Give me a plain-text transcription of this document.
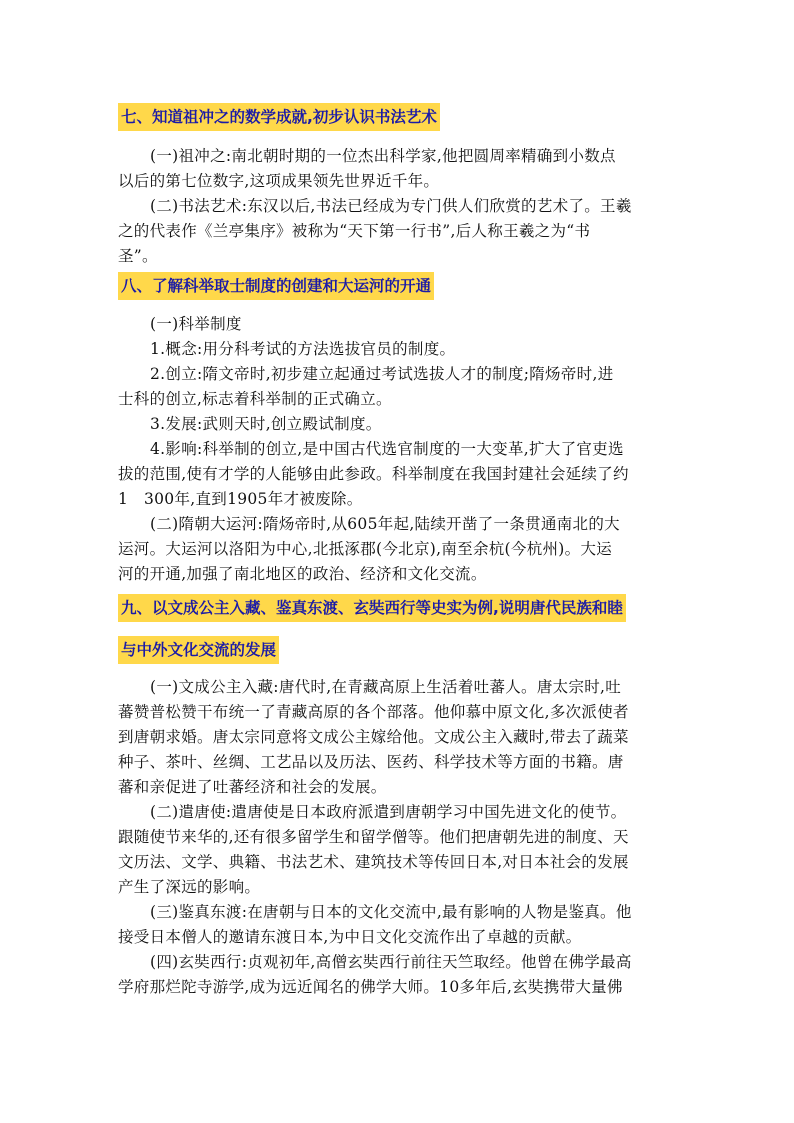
七、知道祖冲之的数学成就,初步认识书法艺术
(一)祖冲之:南北朝时期的一位杰出科学家,他把圆周率精确到小数点
以后的第七位数字,这项成果领先世界近千年。
(二)书法艺术:东汉以后,书法已经成为专门供人们欣赏的艺术了。王羲
之的代表作《兰亭集序》被称为“天下第一行书”,后人称王羲之为“书
圣”。
八、了解科举取士制度的创建和大运河的开通
(一)科举制度
1.概念:用分科考试的方法选拔官员的制度。
2.创立:隋文帝时,初步建立起通过考试选拔人才的制度;隋炀帝时,进
士科的创立,标志着科举制的正式确立。
3.发展:武则天时,创立殿试制度。
4.影响:科举制的创立,是中国古代选官制度的一大变革,扩大了官吏选
拔的范围,使有才学的人能够由此参政。科举制度在我国封建社会延续了约
1　300年,直到1905年才被废除。
(二)隋朝大运河:隋炀帝时,从605年起,陆续开凿了一条贯通南北的大
运河。大运河以洛阳为中心,北抵涿郡(今北京),南至余杭(今杭州)。大运
河的开通,加强了南北地区的政治、经济和文化交流。
九、以文成公主入藏、鉴真东渡、玄奘西行等史实为例,说明唐代民族和睦
与中外文化交流的发展
(一)文成公主入藏:唐代时,在青藏高原上生活着吐蕃人。唐太宗时,吐
蕃赞普松赞干布统一了青藏高原的各个部落。他仰慕中原文化,多次派使者
到唐朝求婚。唐太宗同意将文成公主嫁给他。文成公主入藏时,带去了蔬菜
种子、茶叶、丝绸、工艺品以及历法、医药、科学技术等方面的书籍。唐
蕃和亲促进了吐蕃经济和社会的发展。
(二)遣唐使:遣唐使是日本政府派遣到唐朝学习中国先进文化的使节。
跟随使节来华的,还有很多留学生和留学僧等。他们把唐朝先进的制度、天
文历法、文学、典籍、书法艺术、建筑技术等传回日本,对日本社会的发展
产生了深远的影响。
(三)鉴真东渡:在唐朝与日本的文化交流中,最有影响的人物是鉴真。他
接受日本僧人的邀请东渡日本,为中日文化交流作出了卓越的贡献。
(四)玄奘西行:贞观初年,高僧玄奘西行前往天竺取经。他曾在佛学最高
学府那烂陀寺游学,成为远近闻名的佛学大师。10多年后,玄奘携带大量佛
